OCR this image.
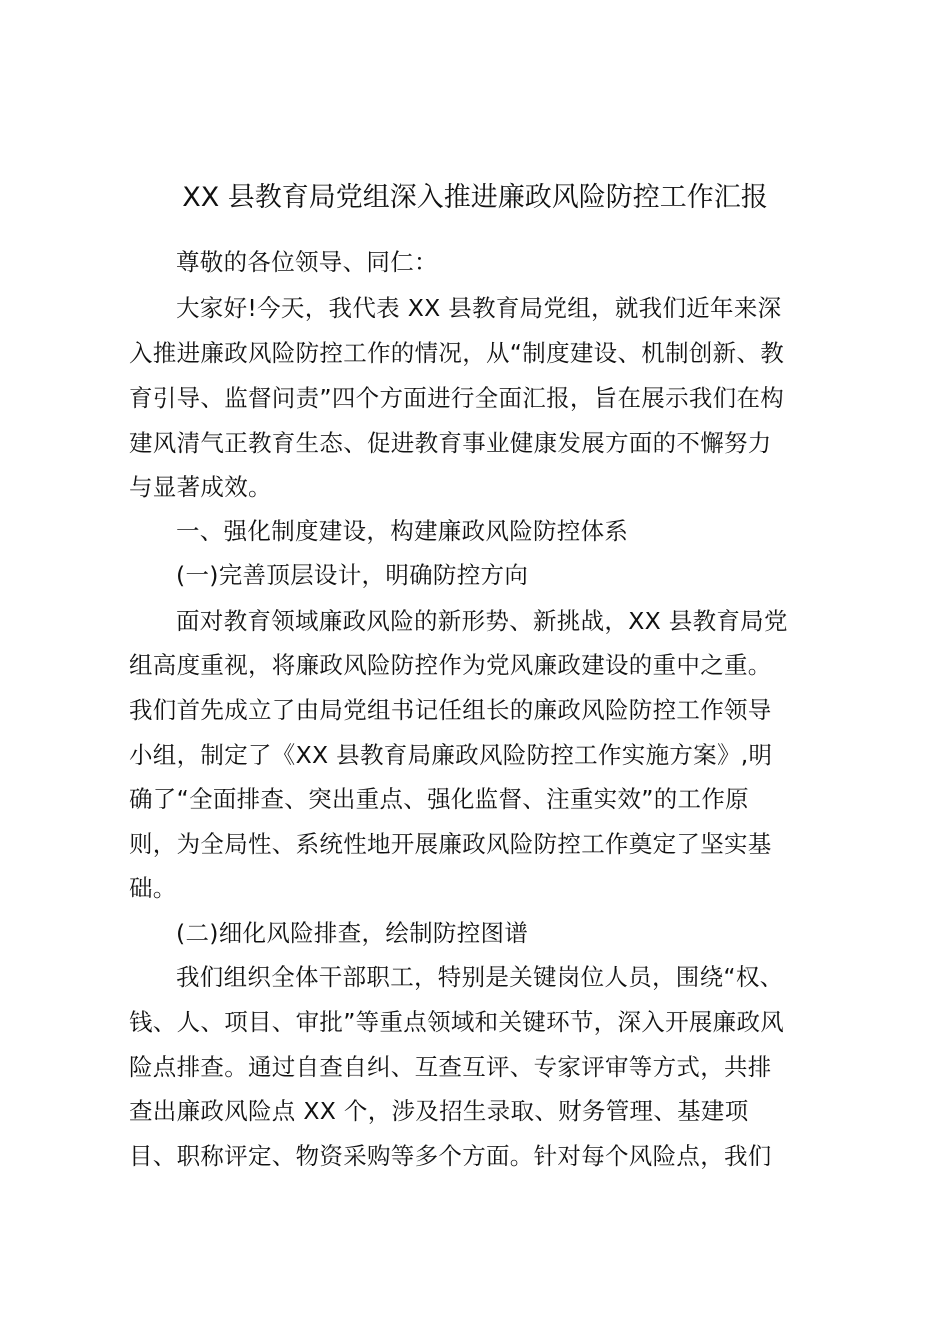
XX 县教育局党组深入推进廉政风险防控工作汇报
尊敬的各位领导、同仁：
大家好!今天，我代表 XX 县教育局党组，就我们近年来深
入推进廉政风险防控工作的情况，从“制度建设、机制创新、教
育引导、监督问责”四个方面进行全面汇报，旨在展示我们在构
建风清气正教育生态、促进教育事业健康发展方面的不懈努力
与显著成效。
一、强化制度建设，构建廉政风险防控体系
(一)完善顶层设计，明确防控方向
面对教育领域廉政风险的新形势、新挑战，XX 县教育局党
组高度重视，将廉政风险防控作为党风廉政建设的重中之重。
我们首先成立了由局党组书记任组长的廉政风险防控工作领导
小组，制定了《XX 县教育局廉政风险防控工作实施方案》,明
确了“全面排查、突出重点、强化监督、注重实效”的工作原
则，为全局性、系统性地开展廉政风险防控工作奠定了坚实基
础。
(二)细化风险排查，绘制防控图谱
我们组织全体干部职工，特别是关键岗位人员，围绕“权、
钱、人、项目、审批”等重点领域和关键环节，深入开展廉政风
险点排查。通过自查自纠、互查互评、专家评审等方式，共排
查出廉政风险点 XX 个，涉及招生录取、财务管理、基建项
目、职称评定、物资采购等多个方面。针对每个风险点，我们
